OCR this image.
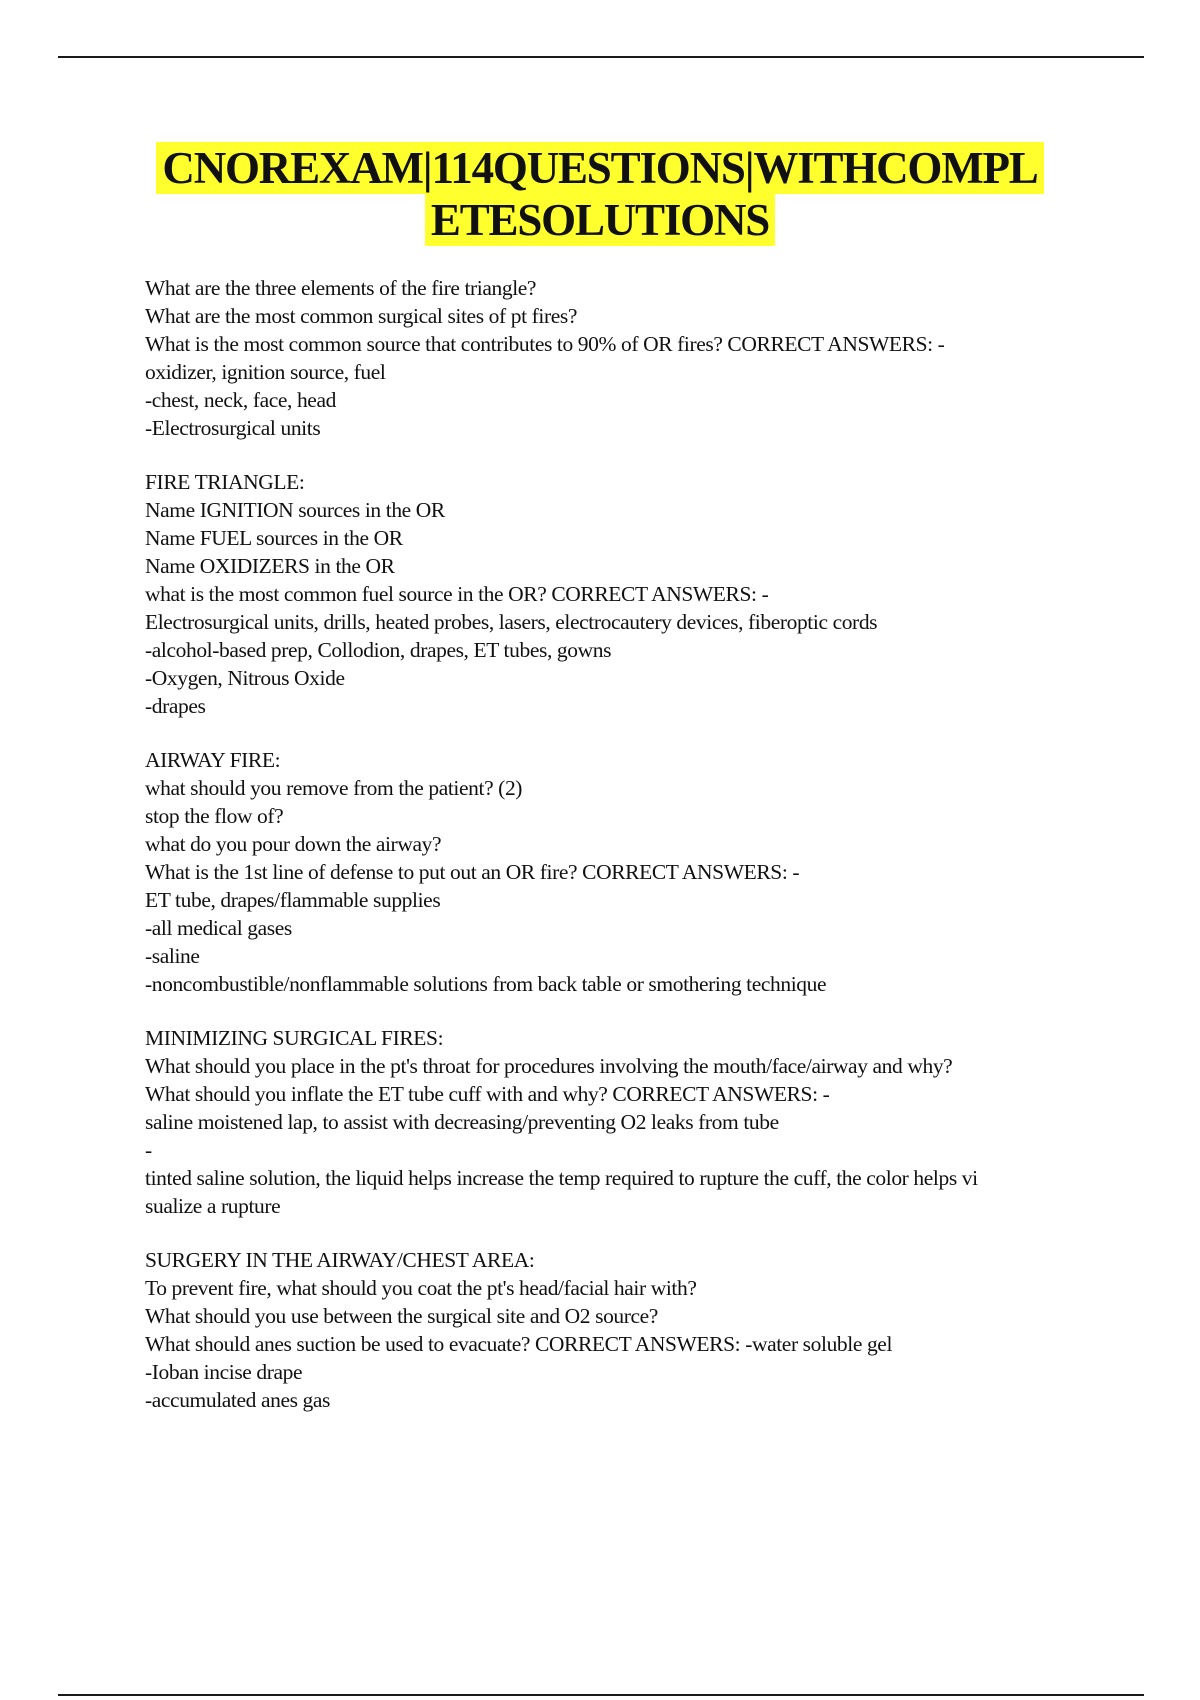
CNOREXAM|114QUESTIONS|WITHCOMPL
ETESOLUTIONS
What are the three elements of the fire triangle?
What are the most common surgical sites of pt fires?
What is the most common source that contributes to 90% of OR fires? CORRECT ANSWERS: -
oxidizer, ignition source, fuel
-chest, neck, face, head
-Electrosurgical units
FIRE TRIANGLE:
Name IGNITION sources in the OR
Name FUEL sources in the OR
Name OXIDIZERS in the OR
what is the most common fuel source in the OR? CORRECT ANSWERS: -
Electrosurgical units, drills, heated probes, lasers, electrocautery devices, fiberoptic cords
-alcohol-based prep, Collodion, drapes, ET tubes, gowns
-Oxygen, Nitrous Oxide
-drapes
AIRWAY FIRE:
what should you remove from the patient? (2)
stop the flow of?
what do you pour down the airway?
What is the 1st line of defense to put out an OR fire? CORRECT ANSWERS: -
ET tube, drapes/flammable supplies
-all medical gases
-saline
-noncombustible/nonflammable solutions from back table or smothering technique
MINIMIZING SURGICAL FIRES:
What should you place in the pt's throat for procedures involving the mouth/face/airway and why?
What should you inflate the ET tube cuff with and why? CORRECT ANSWERS: -
saline moistened lap, to assist with decreasing/preventing O2 leaks from tube
-
tinted saline solution, the liquid helps increase the temp required to rupture the cuff, the color helps vi
sualize a rupture
SURGERY IN THE AIRWAY/CHEST AREA:
To prevent fire, what should you coat the pt's head/facial hair with?
What should you use between the surgical site and O2 source?
What should anes suction be used to evacuate? CORRECT ANSWERS: -water soluble gel
-Ioban incise drape
-accumulated anes gas
